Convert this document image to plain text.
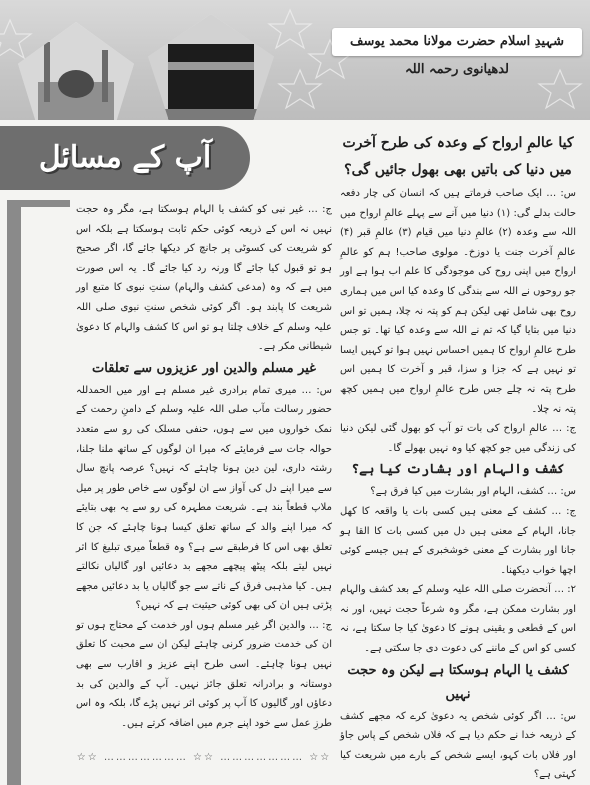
شہیدِ اسلام حضرت مولانا محمد یوسف لدھیانوی رحمہ اللہ
آپ کے مسائل	کیا عالمِ ارواح کے وعدہ کی طرح آخرت میں دنیا کی باتیں بھی بھول جائیں گی؟

س: … ایک صاحب فرماتے ہیں کہ انسان کی چار دفعہ حالت بدلے گی: (۱) دنیا میں آنے سے پہلے عالمِ ارواح میں اللہ سے وعدہ (۲) عالمِ دنیا میں قیام (۳) عالمِ قبر (۴) عالمِ آخرت جنت یا دوزخ۔ مولوی صاحب! ہم کو عالمِ ارواح میں اپنی روح کی موجودگی کا علم اب ہوا ہے اور جو روحوں نے اللہ سے بندگی کا وعدہ کیا اس میں ہماری روح بھی شامل تھی لیکن ہم کو پتہ نہ چلا، ہمیں تو اس دنیا میں بتایا گیا کہ تم نے اللہ سے وعدہ کیا تھا۔ تو جس طرح عالمِ ارواح کا ہمیں احساس نہیں ہوا تو کہیں ایسا تو نہیں ہے کہ جزا و سزا، قبر و آخرت کا ہمیں اس طرح پتہ نہ چلے جس طرح عالمِ ارواح میں ہمیں کچھ پتہ نہ چلا۔

ج: … عالمِ ارواح کی بات تو آپ کو بھول گئی لیکن دنیا کی زندگی میں جو کچھ کیا وہ نہیں بھولے گا۔

کشف والہام اور بشارت کیا ہے؟

س: … کشف، الہام اور بشارت میں کیا فرق ہے؟

ج: … کشف کے معنی ہیں کسی بات یا واقعہ کا کھل جانا، الہام کے معنی ہیں دل میں کسی بات کا القا ہو جانا اور بشارت کے معنی خوشخبری کے ہیں جیسے کوئی اچھا خواب دیکھنا۔

۲: … آنحضرت صلی اللہ علیہ وسلم کے بعد کشف والہام اور بشارت ممکن ہے، مگر وہ شرعاً حجت نہیں، اور نہ اس کے قطعی و یقینی ہونے کا دعویٰ کیا جا سکتا ہے، نہ کسی کو اس کے ماننے کی دعوت دی جا سکتی ہے۔

کشف یا الہام ہوسکتا ہے لیکن وہ حجت نہیں

س: … اگر کوئی شخص یہ دعویٰ کرے کہ مجھے کشف کے ذریعہ خدا نے حکم دیا ہے کہ فلاں شخص کے پاس جاؤ اور فلاں بات کہو، ایسے شخص کے بارے میں شریعت کیا کہتی ہے؟

ج: … غیر نبی کو کشف یا الہام ہوسکتا ہے، مگر وہ حجت نہیں نہ اس کے ذریعہ کوئی حکم ثابت ہوسکتا ہے بلکہ اس کو شریعت کی کسوٹی پر جانچ کر دیکھا جائے گا، اگر صحیح ہو تو قبول کیا جائے گا ورنہ رد کیا جائے گا۔ یہ اس صورت میں ہے کہ وہ (مدعی کشف والہام) سنتِ نبوی کا متبع اور شریعت کا پابند ہو۔ اگر کوئی شخص سنتِ نبوی صلی اللہ علیہ وسلم کے خلاف چلتا ہو تو اس کا کشف والہام کا دعویٰ شیطانی مکر ہے۔

غیر مسلم والدین اور عزیزوں سے تعلقات

س: … میری تمام برادری غیر مسلم ہے اور میں الحمدللہ حضور رسالت مآب صلی اللہ علیہ وسلم کے دامنِ رحمت کے نمک خواروں میں سے ہوں، حنفی مسلک کی رو سے متعدد حوالہ جات سے فرمایئے کہ میرا ان لوگوں کے ساتھ ملنا جلنا، رشتہ داری، لین دین ہونا چاہئے کہ نہیں؟ عرصہ پانچ سال سے میرا اپنے دل کی آواز سے ان لوگوں سے خاص طور پر میل ملاپ قطعاً بند ہے۔ شریعت مطہرہ کی رو سے یہ بھی بتایئے کہ میرا اپنے والد کے ساتھ تعلق کیسا ہونا چاہئے کہ جن کا تعلق بھی اس کا فرطبقے سے ہے؟ وہ قطعاً میری تبلیغ کا اثر نہیں لیتے بلکہ پیٹھ پیچھے مجھے بد دعائیں اور گالیاں نکالتے ہیں۔ کیا مذہبی فرق کے ناتے سے جو گالیاں یا بد دعائیں مجھے پڑتی ہیں ان کی بھی کوئی حیثیت ہے کہ نہیں؟

ج: … والدین اگر غیر مسلم ہوں اور خدمت کے محتاج ہوں تو ان کی خدمت ضرور کرنی چاہئے لیکن ان سے محبت کا تعلق نہیں ہونا چاہئے۔ اسی طرح اپنے عزیز و اقارب سے بھی دوستانہ و برادرانہ تعلق جائز نہیں۔ آپ کے والدین کی بد دعاؤں اور گالیوں کا آپ پر کوئی اثر نہیں پڑے گا، بلکہ وہ اس طرزِ عمل سے خود اپنے جرم میں اضافہ کرتے ہیں۔

☆☆ ………………… ☆☆ ………………… ☆☆
